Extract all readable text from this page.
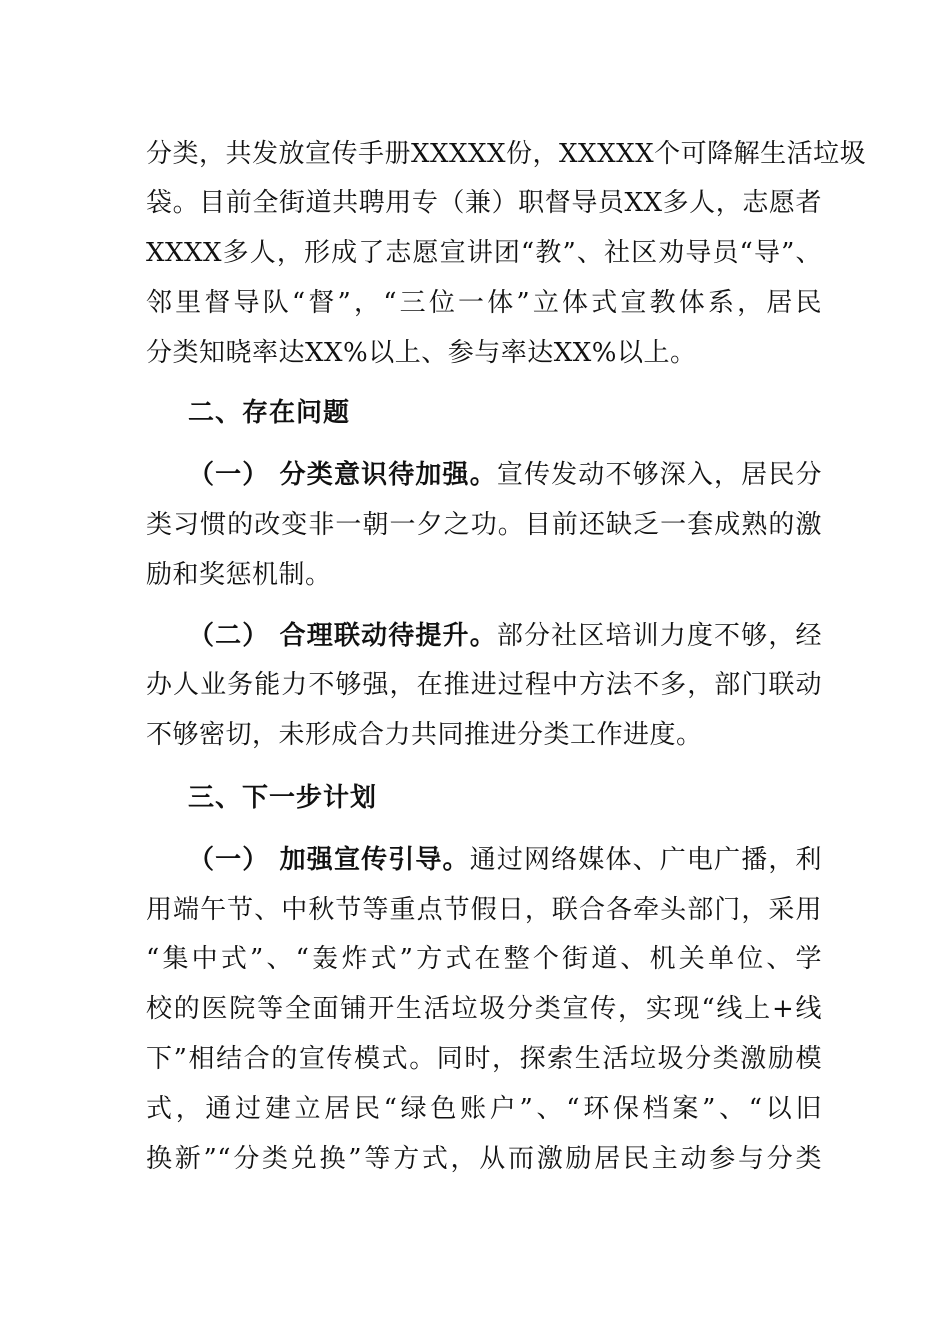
分类，共发放宣传手册XXXXX份，XXXXX个可降解生活垃圾
袋。目前全街道共聘用专（兼）职督导员XX多人，志愿者
XXXX多人，形成了志愿宣讲团“教”、社区劝导员“导”、
邻里督导队“督”，“三位一体”立体式宣教体系，居民
分类知晓率达XX%以上、参与率达XX%以上。
二、存在问题
（一） 分类意识待加强。宣传发动不够深入，居民分
类习惯的改变非一朝一夕之功。目前还缺乏一套成熟的激
励和奖惩机制。
（二） 合理联动待提升。部分社区培训力度不够，经
办人业务能力不够强，在推进过程中方法不多，部门联动
不够密切，未形成合力共同推进分类工作进度。
三、下一步计划
（一） 加强宣传引导。通过网络媒体、广电广播，利
用端午节、中秋节等重点节假日，联合各牵头部门，采用
“集中式”、“轰炸式”方式在整个街道、机关单位、学
校的医院等全面铺开生活垃圾分类宣传，实现“线上+线
下”相结合的宣传模式。同时，探索生活垃圾分类激励模
式，通过建立居民“绿色账户”、“环保档案”、“以旧
换新”“分类兑换”等方式，从而激励居民主动参与分类
